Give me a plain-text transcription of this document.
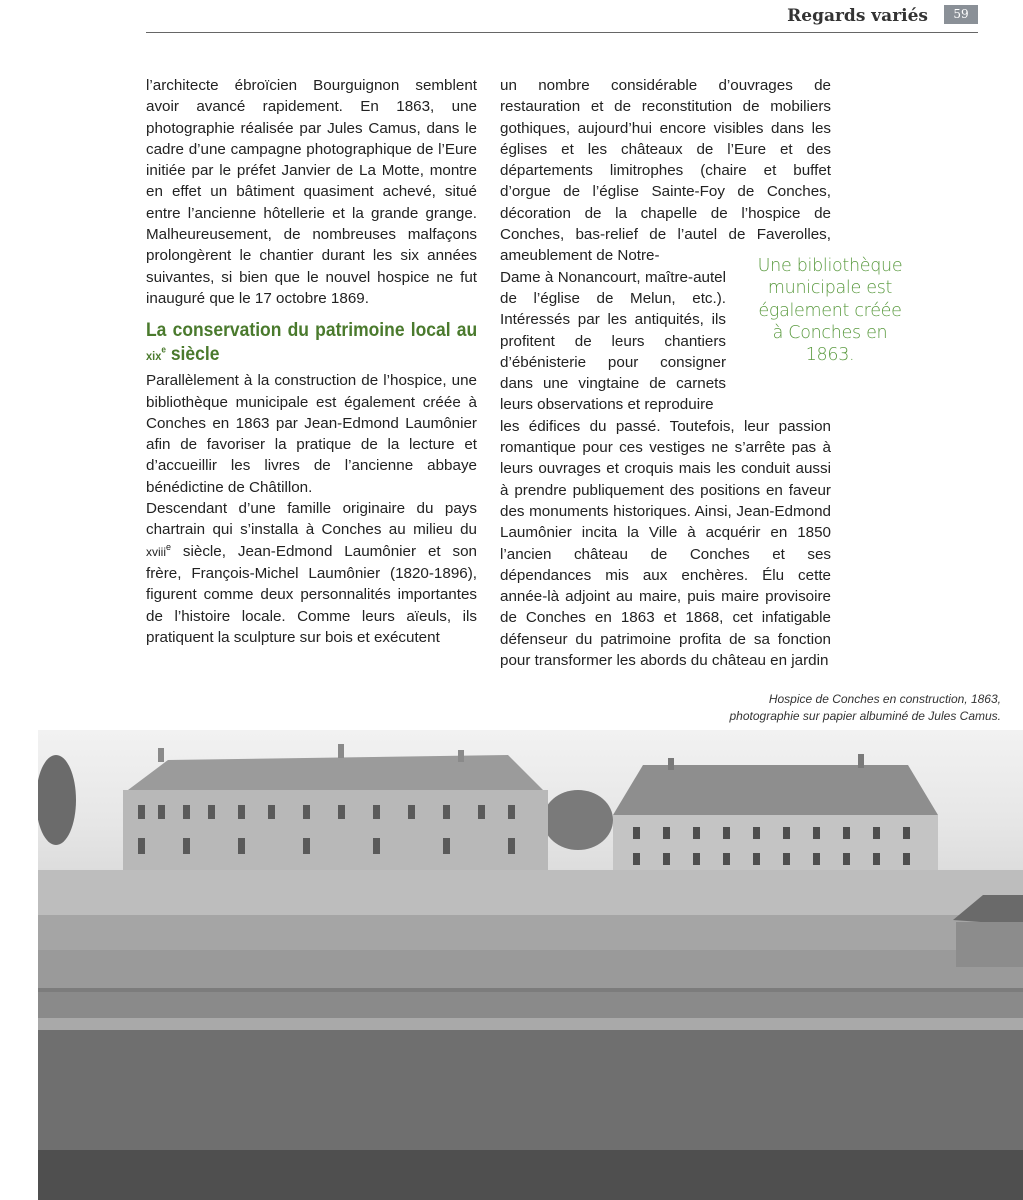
Regards variés	59

l’architecte ébroïcien Bourguignon semblent avoir avancé rapidement. En 1863, une photographie réalisée par Jules Camus, dans le cadre d’une campagne photographique de l’Eure initiée par le préfet Janvier de La Motte, montre en effet un bâtiment quasiment achevé, situé entre l’ancienne hôtellerie et la grande grange. Malheureusement, de nombreuses malfaçons prolongèrent le chantier durant les six années suivantes, si bien que le nouvel hospice ne fut inauguré que le 17 octobre 1869.

La conservation du patrimoine local au xix$^e$ siècle

Parallèlement à la construction de l’hospice, une bibliothèque municipale est également créée à Conches en 1863 par Jean-Edmond Laumônier afin de favoriser la pratique de la lecture et d’accueillir les livres de l’ancienne abbaye bénédictine de Châtillon.

Descendant d’une famille originaire du pays chartrain qui s’installa à Conches au milieu du xviii$^e$ siècle, Jean-Edmond Laumônier et son frère, François-Michel Laumônier (1820-1896), figurent comme deux personnalités importantes de l’histoire locale. Comme leurs aïeuls, ils pratiquent la sculpture sur bois et exécutent

un nombre considérable d’ouvrages de restauration et de reconstitution de mobiliers gothiques, aujourd’hui encore visibles dans les églises et les châteaux de l’Eure et des départements limitrophes (chaire et buffet d’orgue de l’église Sainte-Foy de Conches, décoration de la chapelle de l’hospice de Conches, bas-relief de l’autel de Faverolles, ameublement de Notre-

Dame à Nonancourt, maître-autel de l’église de Melun, etc.). Intéressés par les antiquités, ils profitent de leurs chantiers d’ébénisterie pour consigner dans une vingtaine de carnets leurs observations et reproduire

les édifices du passé. Toutefois, leur passion romantique pour ces vestiges ne s’arrête pas à leurs ouvrages et croquis mais les conduit aussi à prendre publiquement des positions en faveur des monuments historiques. Ainsi, Jean-Edmond Laumônier incita la Ville à acquérir en 1850 l’ancien château de Conches et ses dépendances mis aux enchères. Élu cette année-là adjoint au maire, puis maire provisoire de Conches en 1863 et 1868, cet infatigable défenseur du patrimoine profita de sa fonction pour transformer les abords du château en jardin

Une bibliothèque municipale est également créée à Conches en 1863.
Hospice de Conches en construction, 1863,
photographie sur papier albuminé de Jules Camus.
